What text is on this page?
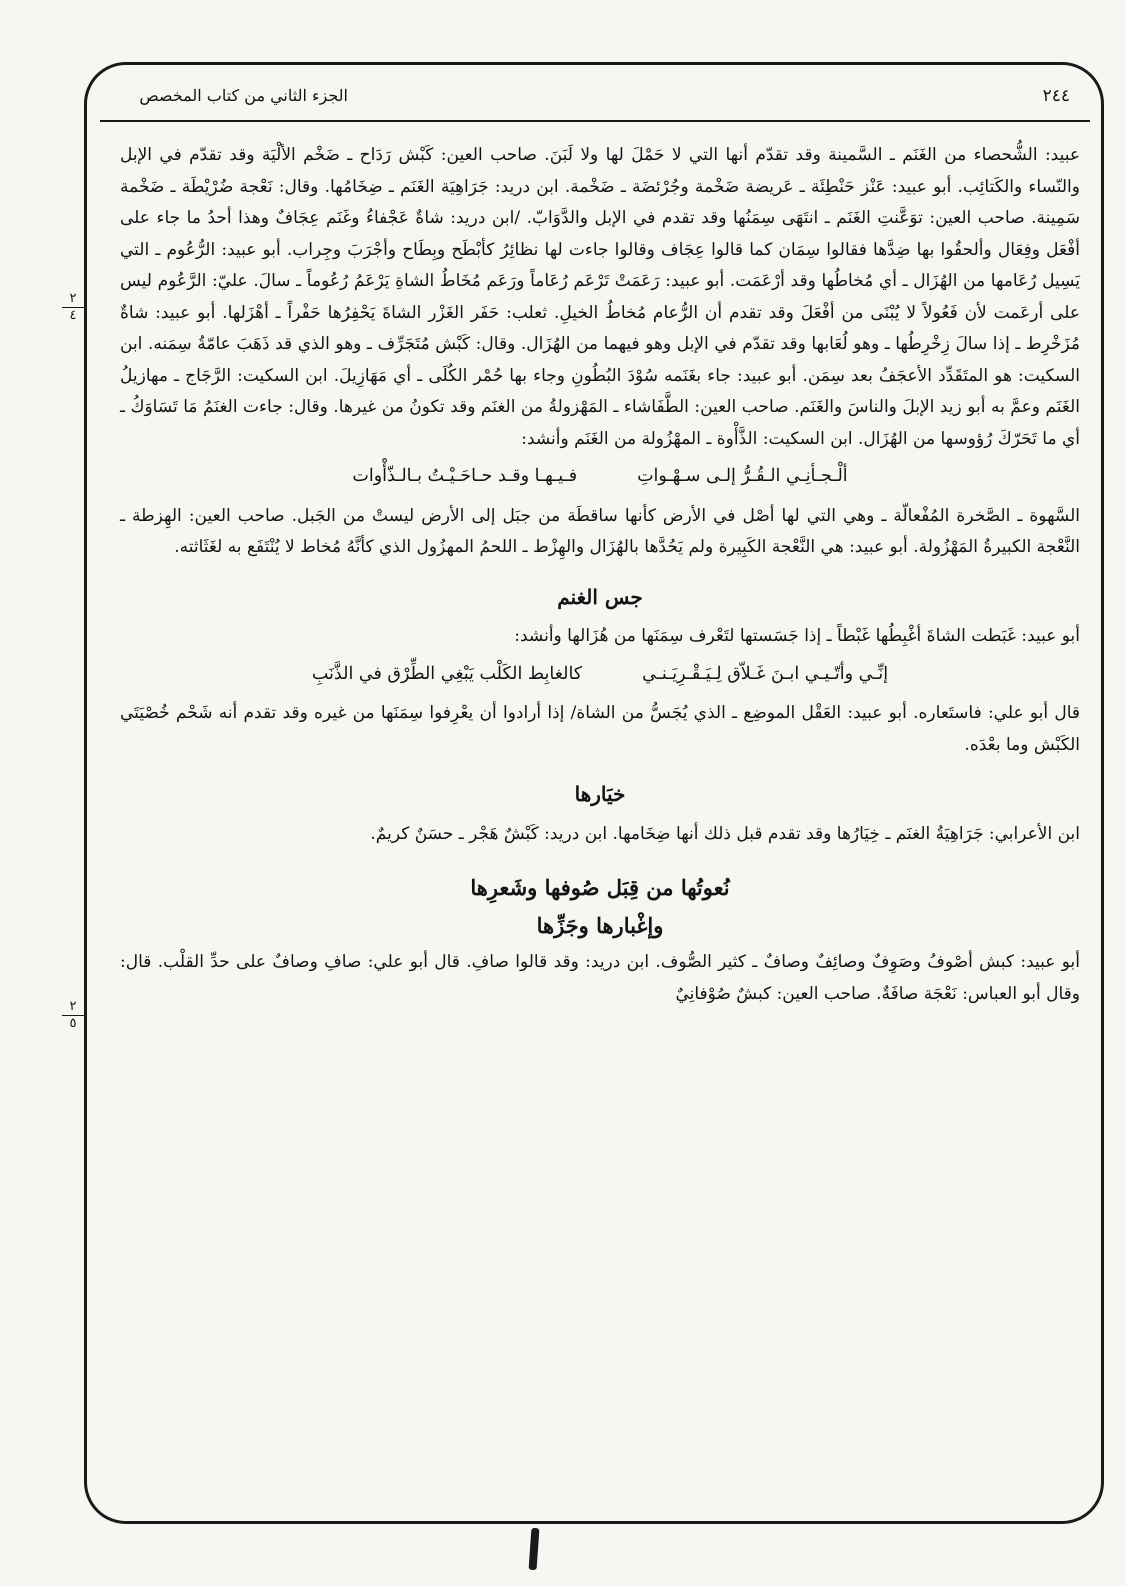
الجزء الثاني من كتاب المخصص	٢٤٤
٢
٤
٢
٥

عبيد: الشُّحصاء من الغَنَم ـ السَّمينة وقد تقدّم أنها التي لا حَمْلَ لها ولا لَبَنَ. صاحب العين: كَبْش رَدَاح ـ ضَخْم الألْيَة وقد تقدّم في الإبل والنّساء والكَتائِب. أبو عبيد: عَنْز حَنْطِئَة ـ عَريضة ضَخْمة وجُرْئضَة ـ ضَخْمة. ابن دريد: جَرَاهِيَة الغَنَم ـ ضِخَامُها. وقال: نَعْجة ضُرْيْطَة ـ ضَخْمة سَمِينة. صاحب العين: توَعَّنتِ الغَنَم ـ انتَهَى سِمَنُها وقد تقدم في الإبل والدَّوَابّ. /ابن دريد: شاةٌ عَجْفاءُ وغَنَم عِجَافٌ وهذا أحدُ ما جاء على أفْعَل وفِعَال وألحقُوا بها ضِدَّها فقالوا سِمَان كما قالوا عِجَاف وقالوا جاءت لها نظائِرُ كأبْطَح وبِطَاح وأجْرَبَ وجِراب. أبو عبيد: الرُّعُوم ـ التي يَسِيل رُعَامها من الهُزَال ـ أي مُخاطُها وقد أرْعَمَت. أبو عبيد: رَعَمَتْ تَرْعَم رُعَاماً ورَعَم مُخَاطُ الشاةِ يَرْعَمُ رُعُوماً ـ سالَ. عليّ: الرَّعُوم ليس على أرعَمت لأن فَعُولاً لا يُبْنَى من أفْعَلَ وقد تقدم أن الرُّعام مُخاطُ الخيلِ. ثعلب: حَفَر الغَزْر الشاةَ يَحْفِرُها حَفْراً ـ أهْزَلها. أبو عبيد: شاةٌ مُزَخْرِط ـ إذا سالَ زِخْرِطُها ـ وهو لُعَابها وقد تقدّم في الإبل وهو فيهما من الهُزَال. وقال: كَبْش مُتَجَرِّف ـ وهو الذي قد ذَهَبَ عامّةُ سِمَنه. ابن السكيت: هو المتَقَدِّد الأعجَفُ بعد سِمَن. أبو عبيد: جاء بغَنَمه سُوْدَ البُطُونِ وجاء بها حُمْر الكُلَى ـ أي مَهَازِيلَ. ابن السكيت: الرَّجَاج ـ مهازيلُ الغَنَم وعمَّ به أبو زيد الإبلَ والناسَ والغَنَم. صاحب العين: الطَّفَاشاء ـ المَهْزولةُ من الغنَم وقد تكونُ من غيرها. وقال: جاءت الغنَمُ مَا تَسَاوَكُ ـ أي ما تَحَرّكَ رُؤوسها من الهُزَال. ابن السكيت: الذَّأْوة ـ المهْزُولة من الغَنَم وأنشد:

ألْـجـأنِـي الـقُـرُّ إلـى سـهْـواتِ
فـيـهـا وقـد حـاحَـيْـتُ بـالـذّأْوات

السَّهوة ـ الصَّخرة المُفْعالّة ـ وهي التي لها أصْل في الأرض كأنها ساقطَة من جبَل إلى الأرض ليستْ من الجَبل. صاحب العين: الهِزطة ـ النَّعْجة الكبيرةُ المَهْزُولة. أبو عبيد: هي النَّعْجة الكَبِيرة ولم يَحُدَّها بالهُزَال والهِزْط ـ اللحمُ المهزُول الذي كأنَّهُ مُخاط لا يُنْتَفَع به لغَثَاثته.

جس الغنم

أبو عبيد: غَبَطت الشاةَ أغْبِطُها غَبْطاً ـ إذا جَسَستها لتَعْرف سِمَنَها من هُزَالها وأنشد:

إنِّـي وأتّـيـي ابـنَ غَـلاّق لِـيَـقْـرِيَـنـي
كالغابِط الكَلْب يَبْغِي الطِّرْق في الذَّنَبِ

قال أبو علي: فاستَعاره. أبو عبيد: العَقْل الموضِع ـ الذي يُجَسُّ من الشاة/ إذا أرادوا أن يعْرِفوا سِمَنَها من غيره وقد تقدم أنه شَحْم خُصْيَتَي الكَبْش وما بعْدَه.

خيَارها

ابن الأعرابي: جَرَاهِيَةُ الغنَم ـ خِيَارُها وقد تقدم قبل ذلك أنها ضِخَامها. ابن دريد: كَبْشٌ هَجْر ـ حسَنٌ كريمٌ.

نُعوتُها من قِبَل صُوفها وشَعرِها
وإغْبارها وجَزِّها

أبو عبيد: كبش أصْوفُ وصَوِفٌ وصائِفٌ وصافٌ ـ كثير الصُّوف. ابن دريد: وقد قالوا صافِ. قال أبو علي: صافِ وصافٌ على حدِّ القلْب. قال: وقال أبو العباس: نَعْجَة صافَةٌ. صاحب العين: كبشٌ صُوْفانِيٌ
